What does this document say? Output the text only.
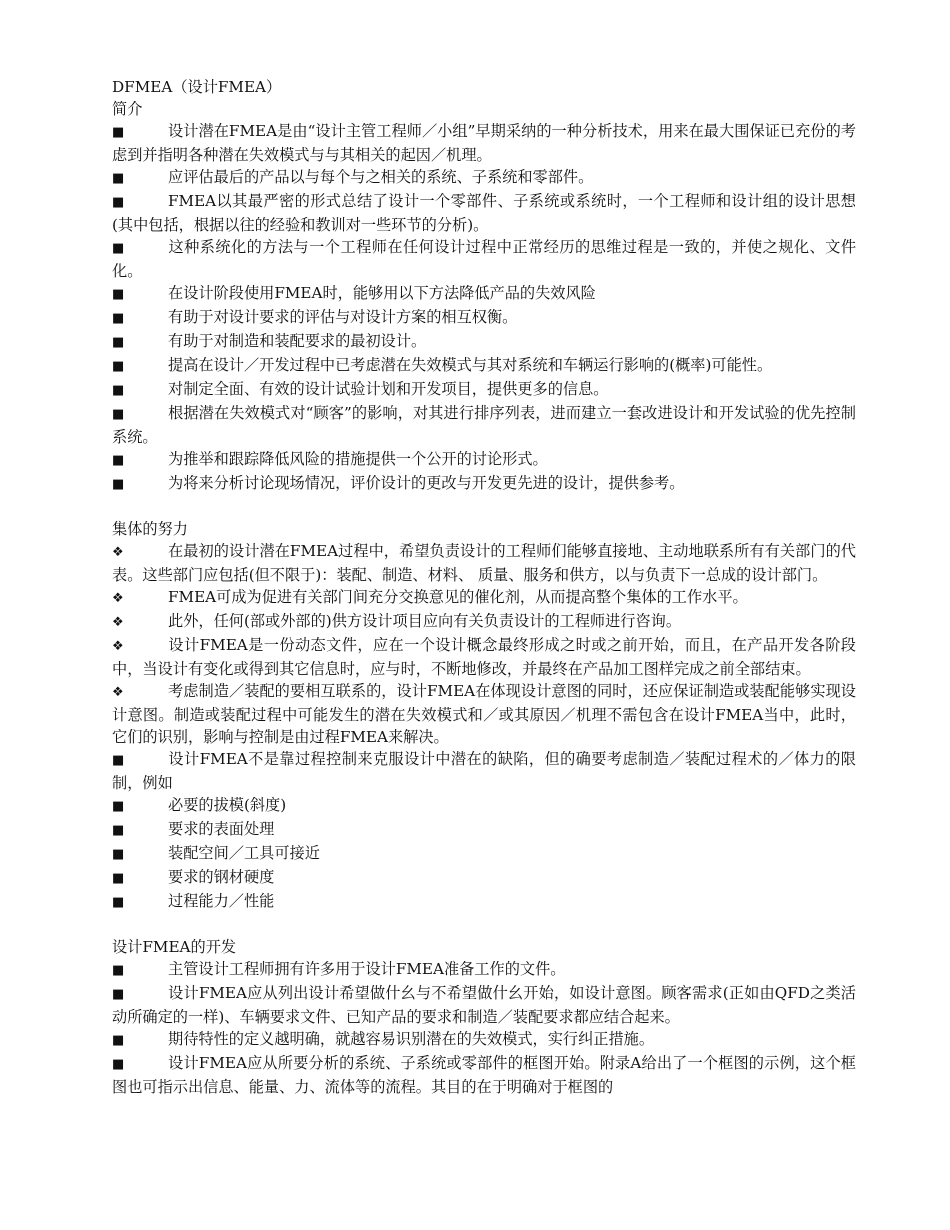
DFMEA（设计FMEA）
简介
■	设计潜在FMEA是由“设计主管工程师／小组”早期采纳的一种分析技术，用来在最大围保证已充份的考虑到并指明各种潜在失效模式与与其相关的起因／机理。
■	应评估最后的产品以与每个与之相关的系统、子系统和零部件。
■	FMEA以其最严密的形式总结了设计一个零部件、子系统或系统时，一个工程师和设计组的设计思想(其中包括，根据以往的经验和教训对一些环节的分析)。
■	这种系统化的方法与一个工程师在任何设计过程中正常经历的思维过程是一致的，并使之规化、文件化。
■	在设计阶段使用FMEA时，能够用以下方法降低产品的失效风险
■	有助于对设计要求的评估与对设计方案的相互权衡。
■	有助于对制造和装配要求的最初设计。
■	提高在设计／开发过程中已考虑潜在失效模式与其对系统和车辆运行影响的(概率)可能性。
■	对制定全面、有效的设计试验计划和开发项目，提供更多的信息。
■	根据潜在失效模式对“顾客”的影响，对其进行排序列表，进而建立一套改进设计和开发试验的优先控制系统。
■	为推举和跟踪降低风险的措施提供一个公开的讨论形式。
■	为将来分析讨论现场情况，评价设计的更改与开发更先进的设计，提供参考。
集体的努力
❖	在最初的设计潜在FMEA过程中，希望负责设计的工程师们能够直接地、主动地联系所有有关部门的代表。这些部门应包括(但不限于)：装配、制造、材料、 质量、服务和供方，以与负责下一总成的设计部门。
❖	FMEA可成为促进有关部门间充分交换意见的催化剂，从而提高整个集体的工作水平。
❖	此外，任何(部或外部的)供方设计项目应向有关负责设计的工程师进行咨询。
❖	设计FMEA是一份动态文件，应在一个设计概念最终形成之时或之前开始，而且，在产品开发各阶段中，当设计有变化或得到其它信息时，应与时，不断地修改，并最终在产品加工图样完成之前全部结束。
❖	考虑制造／装配的要相互联系的，设计FMEA在体现设计意图的同时，还应保证制造或装配能够实现设计意图。制造或装配过程中可能发生的潜在失效模式和／或其原因／机理不需包含在设计FMEA当中，此时，它们的识别，影响与控制是由过程FMEA来解决。
■	设计FMEA不是靠过程控制来克服设计中潜在的缺陷，但的确要考虑制造／装配过程术的／体力的限制，例如
■	必要的拔模(斜度)
■	要求的表面处理
■	装配空间／工具可接近
■	要求的钢材硬度
■	过程能力／性能
设计FMEA的开发
■	主管设计工程师拥有许多用于设计FMEA准备工作的文件。
■	设计FMEA应从列出设计希望做什幺与不希望做什幺开始，如设计意图。顾客需求(正如由QFD之类活动所确定的一样)、车辆要求文件、已知产品的要求和制造／装配要求都应结合起来。
■	期待特性的定义越明确，就越容易识别潜在的失效模式，实行纠正措施。
■	设计FMEA应从所要分析的系统、子系统或零部件的框图开始。附录A给出了一个框图的示例，这个框图也可指示出信息、能量、力、流体等的流程。其目的在于明确对于框图的
